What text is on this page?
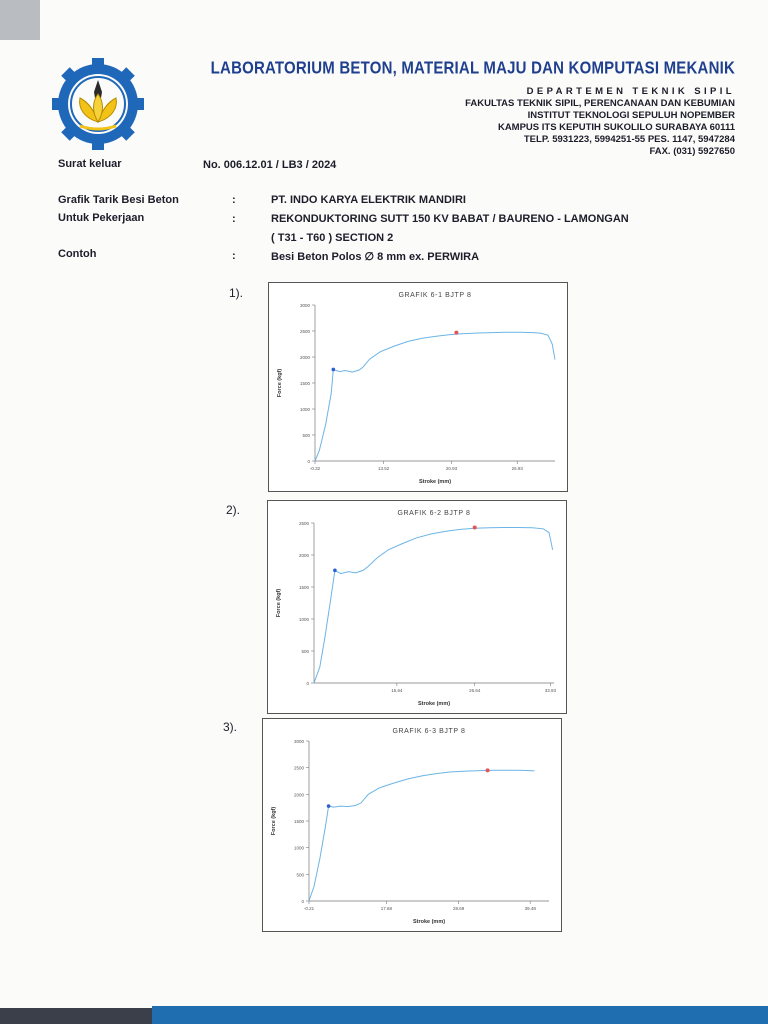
LABORATORIUM BETON, MATERIAL MAJU DAN KOMPUTASI MEKANIK
DEPARTEMEN TEKNIK SIPIL
FAKULTAS TEKNIK SIPIL, PERENCANAAN DAN KEBUMIAN
INSTITUT TEKNOLOGI SEPULUH NOPEMBER
KAMPUS ITS KEPUTIH SUKOLILO SURABAYA 60111
TELP. 5931223, 5994251-55 PES. 1147, 5947284
FAX. (031) 5927650
Surat keluar	No. 006.12.01 / LB3 / 2024
Grafik Tarik Besi Beton	:	PT. INDO KARYA ELEKTRIK MANDIRI
Untuk Pekerjaan	:	REKONDUKTORING SUTT 150 KV BABAT / BAURENO - LAMONGAN
( T31 - T60 ) SECTION 2
Contoh	:	Besi Beton Polos ∅ 8 mm ex. PERWIRA
1).	GRAFIK 6-1 BJTP 8
0
500
1000
1500
2000
2500
3000
-0.32	13.52	20.93	26.93
Stroke (mm)
Force (kgf)
2).	GRAFIK 6-2 BJTP 8
0
500
1000
1500
2000
2500
15.64	26.64	33.93
Stroke (mm)
Force (kgf)
3).	GRAFIK 6-3 BJTP 8
0
500
1000
1500
2000
2500
3000
-0.21	17.68	28.69	39.48
Stroke (mm)
Force (kgf)
